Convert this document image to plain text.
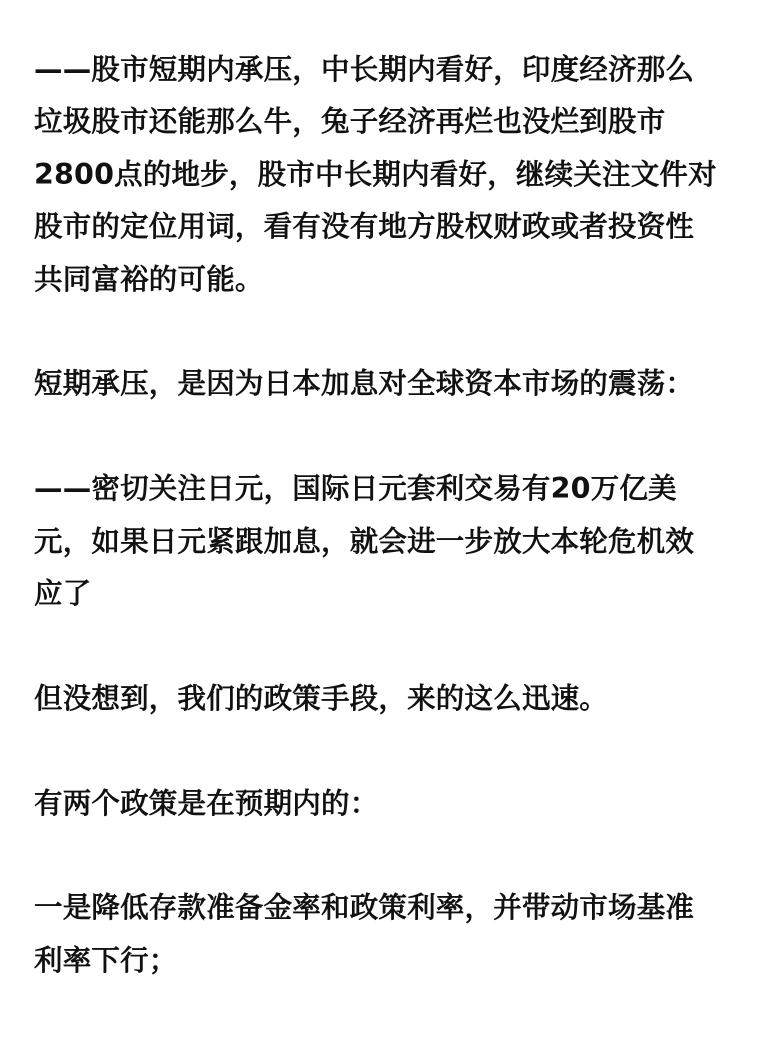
——股市短期内承压，中长期内看好，印度经济那么
垃圾股市还能那么牛，兔子经济再烂也没烂到股市
2800点的地步，股市中长期内看好，继续关注文件对
股市的定位用词，看有没有地方股权财政或者投资性
共同富裕的可能。
短期承压，是因为日本加息对全球资本市场的震荡：
——密切关注日元，国际日元套利交易有20万亿美
元，如果日元紧跟加息，就会进一步放大本轮危机效
应了
但没想到，我们的政策手段，来的这么迅速。
有两个政策是在预期内的：
一是降低存款准备金率和政策利率，并带动市场基准
利率下行；
